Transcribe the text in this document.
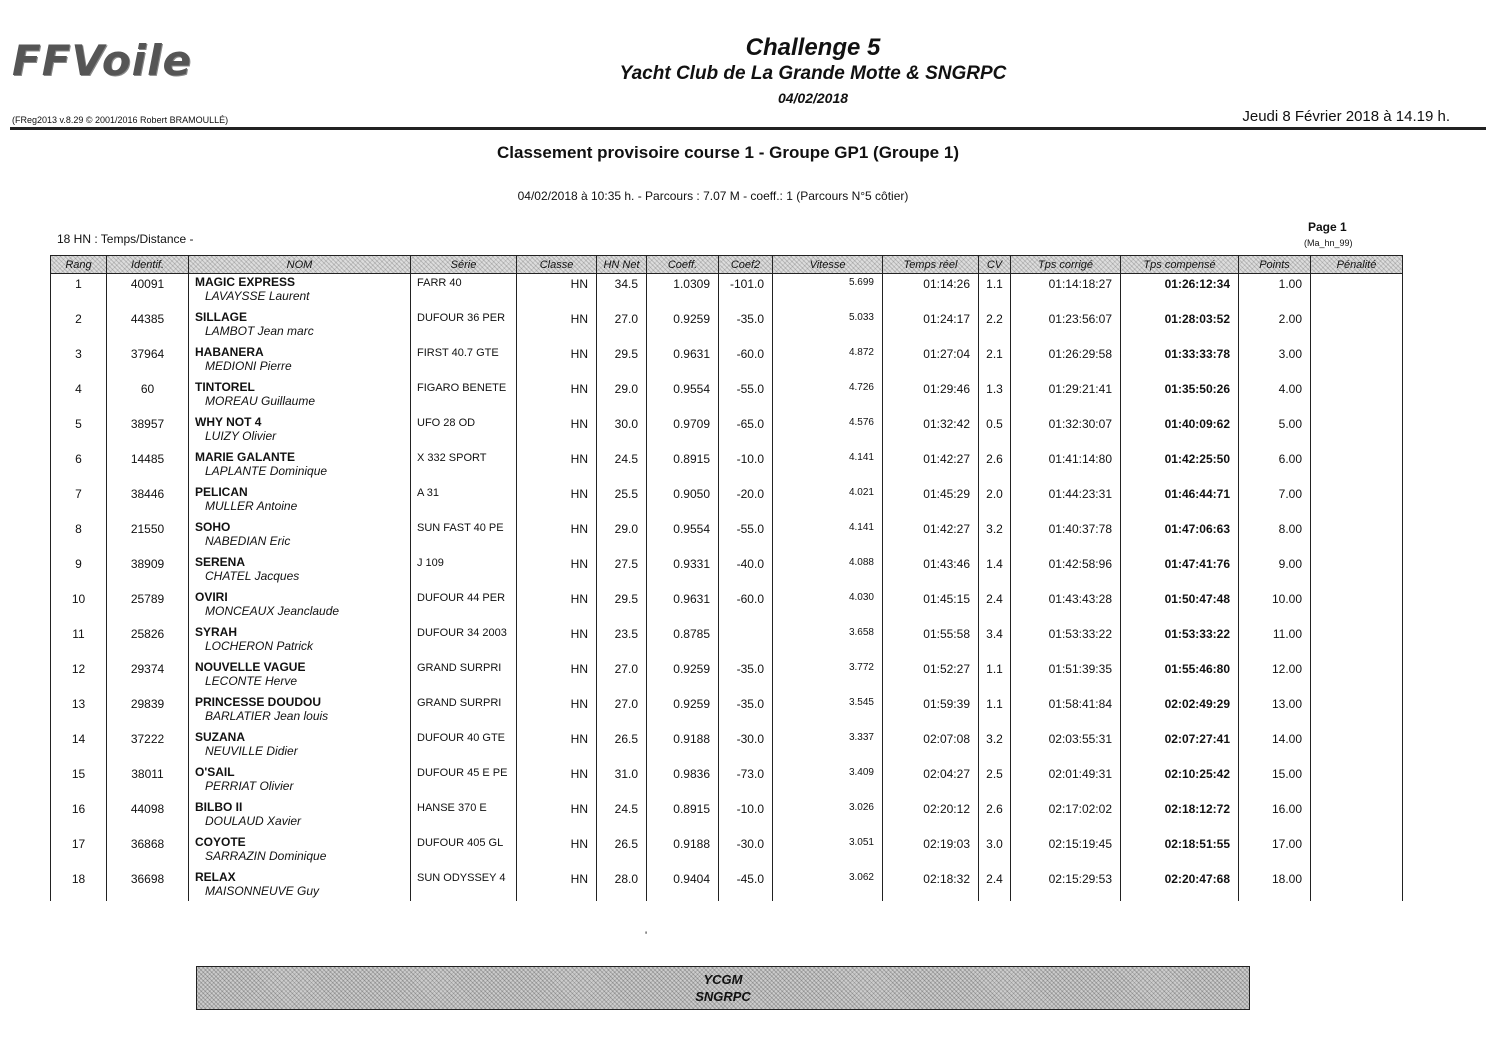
FFVoile	Challenge 5
Yacht Club de La Grande Motte & SNGRPC
04/02/2018
(FReg2013 v.8.29 © 2001/2016 Robert BRAMOULLÉ)	Jeudi 8 Février 2018 à 14.19 h.
Classement provisoire course 1 - Groupe GP1 (Groupe 1)
04/02/2018 à 10:35 h. - Parcours : 7.07 M - coeff.: 1 (Parcours N°5 côtier)
18 HN : Temps/Distance -
Page 1
(Ma_hn_99)
Rang	Identif.	NOM	Série	Classe	HN Net	Coeff.	Coef2	Vitesse	Temps réel	CV	Tps corrigé	Tps compensé	Points	Pénalité

1	40091	MAGIC EXPRESS
LAVAYSSE Laurent	FARR 40	HN	34.5	1.0309	-101.0	5.699	01:14:26	1.1	01:14:18:27	01:26:12:34	1.00	

2	44385	SILLAGE
LAMBOT Jean marc	DUFOUR 36 PER	HN	27.0	0.9259	-35.0	5.033	01:24:17	2.2	01:23:56:07	01:28:03:52	2.00	

3	37964	HABANERA
MEDIONI Pierre	FIRST 40.7 GTE	HN	29.5	0.9631	-60.0	4.872	01:27:04	2.1	01:26:29:58	01:33:33:78	3.00	

4	60	TINTOREL
MOREAU Guillaume	FIGARO BENETE	HN	29.0	0.9554	-55.0	4.726	01:29:46	1.3	01:29:21:41	01:35:50:26	4.00	

5	38957	WHY NOT 4
LUIZY Olivier	UFO 28 OD	HN	30.0	0.9709	-65.0	4.576	01:32:42	0.5	01:32:30:07	01:40:09:62	5.00	

6	14485	MARIE GALANTE
LAPLANTE Dominique	X 332 SPORT	HN	24.5	0.8915	-10.0	4.141	01:42:27	2.6	01:41:14:80	01:42:25:50	6.00	

7	38446	PELICAN
MULLER Antoine	A 31	HN	25.5	0.9050	-20.0	4.021	01:45:29	2.0	01:44:23:31	01:46:44:71	7.00	

8	21550	SOHO
NABEDIAN Eric	SUN FAST 40 PE	HN	29.0	0.9554	-55.0	4.141	01:42:27	3.2	01:40:37:78	01:47:06:63	8.00	

9	38909	SERENA
CHATEL Jacques	J 109	HN	27.5	0.9331	-40.0	4.088	01:43:46	1.4	01:42:58:96	01:47:41:76	9.00	

10	25789	OVIRI
MONCEAUX Jeanclaude	DUFOUR 44 PER	HN	29.5	0.9631	-60.0	4.030	01:45:15	2.4	01:43:43:28	01:50:47:48	10.00	

11	25826	SYRAH
LOCHERON Patrick	DUFOUR 34 2003	HN	23.5	0.8785		3.658	01:55:58	3.4	01:53:33:22	01:53:33:22	11.00	

12	29374	NOUVELLE VAGUE
LECONTE Herve	GRAND SURPRI	HN	27.0	0.9259	-35.0	3.772	01:52:27	1.1	01:51:39:35	01:55:46:80	12.00	

13	29839	PRINCESSE DOUDOU
BARLATIER Jean louis	GRAND SURPRI	HN	27.0	0.9259	-35.0	3.545	01:59:39	1.1	01:58:41:84	02:02:49:29	13.00	

14	37222	SUZANA
NEUVILLE Didier	DUFOUR 40 GTE	HN	26.5	0.9188	-30.0	3.337	02:07:08	3.2	02:03:55:31	02:07:27:41	14.00	

15	38011	O'SAIL
PERRIAT Olivier	DUFOUR 45 E PE	HN	31.0	0.9836	-73.0	3.409	02:04:27	2.5	02:01:49:31	02:10:25:42	15.00	

16	44098	BILBO II
DOULAUD Xavier	HANSE 370 E	HN	24.5	0.8915	-10.0	3.026	02:20:12	2.6	02:17:02:02	02:18:12:72	16.00	

17	36868	COYOTE
SARRAZIN Dominique	DUFOUR 405 GL	HN	26.5	0.9188	-30.0	3.051	02:19:03	3.0	02:15:19:45	02:18:51:55	17.00	

18	36698	RELAX
MAISONNEUVE Guy	SUN ODYSSEY 4	HN	28.0	0.9404	-45.0	3.062	02:18:32	2.4	02:15:29:53	02:20:47:68	18.00	

'
YCGM
SNGRPC
